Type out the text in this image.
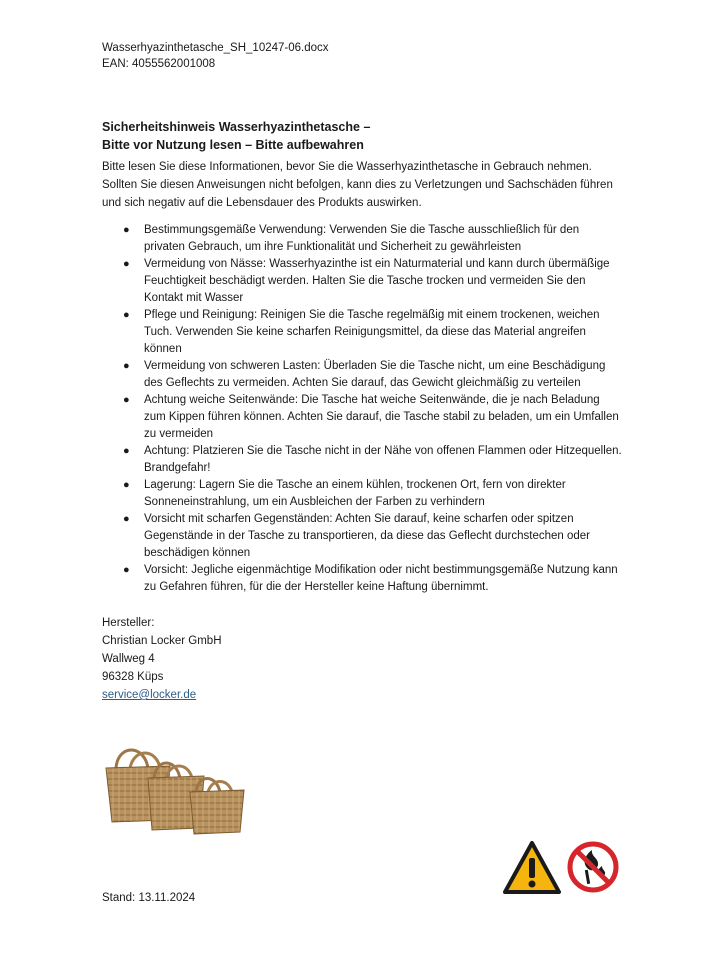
Wasserhyazinthetasche_SH_10247-06.docx

EAN: 4055562001008

Sicherheitshinweis Wasserhyazinthetasche –

Bitte vor Nutzung lesen – Bitte aufbewahren

Bitte lesen Sie diese Informationen, bevor Sie die Wasserhyazinthetasche in Gebrauch nehmen. Sollten Sie diesen Anweisungen nicht befolgen, kann dies zu Verletzungen und Sachschäden führen und sich negativ auf die Lebensdauer des Produkts auswirken.

● Bestimmungsgemäße Verwendung: Verwenden Sie die Tasche ausschließlich für den privaten Gebrauch, um ihre Funktionalität und Sicherheit zu gewährleisten
● Vermeidung von Nässe: Wasserhyazinthe ist ein Naturmaterial und kann durch übermäßige Feuchtigkeit beschädigt werden. Halten Sie die Tasche trocken und vermeiden Sie den Kontakt mit Wasser
● Pflege und Reinigung: Reinigen Sie die Tasche regelmäßig mit einem trockenen, weichen Tuch. Verwenden Sie keine scharfen Reinigungsmittel, da diese das Material angreifen können
● Vermeidung von schweren Lasten: Überladen Sie die Tasche nicht, um eine Beschädigung des Geflechts zu vermeiden. Achten Sie darauf, das Gewicht gleichmäßig zu verteilen
● Achtung weiche Seitenwände: Die Tasche hat weiche Seitenwände, die je nach Beladung zum Kippen führen können. Achten Sie darauf, die Tasche stabil zu beladen, um ein Umfallen zu vermeiden
● Achtung: Platzieren Sie die Tasche nicht in der Nähe von offenen Flammen oder Hitzequellen. Brandgefahr!
● Lagerung: Lagern Sie die Tasche an einem kühlen, trockenen Ort, fern von direkter Sonneneinstrahlung, um ein Ausbleichen der Farben zu verhindern
● Vorsicht mit scharfen Gegenständen: Achten Sie darauf, keine scharfen oder spitzen Gegenstände in der Tasche zu transportieren, da diese das Geflecht durchstechen oder beschädigen können
● Vorsicht: Jegliche eigenmächtige Modifikation oder nicht bestimmungsgemäße Nutzung kann zu Gefahren führen, für die der Hersteller keine Haftung übernimmt.
Hersteller:
Christian Locker GmbH
Wallweg 4
96328 Küps
service@locker.de
Stand: 13.11.2024
